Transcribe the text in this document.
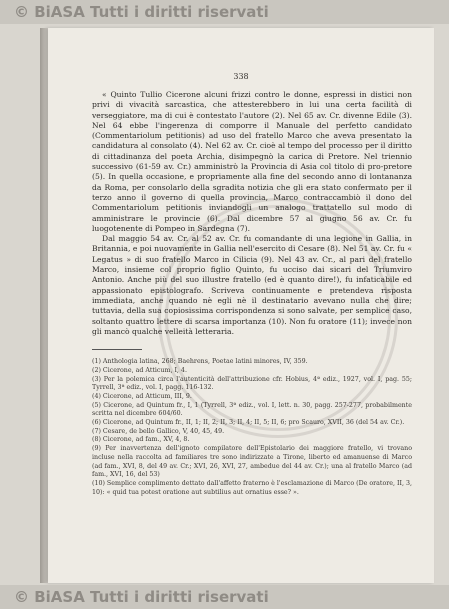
© BiASA Tutti i diritti riservati
338

« Quinto Tullio Cicerone alcuni frizzi contro le donne, espressi in distici non privi di vivacità sarcastica, che attesterebbero in lui una certa facilità di verseggiatore, ma di cui è contestato l'autore (2). Nel 65 av. Cr. divenne Edile (3). Nel 64 ebbe l'ingerenza di comporre il Manuale del perfetto candidato (Commentariolum petitionis) ad uso del fratello Marco che aveva presentato la candidatura al consolato (4). Nel 62 av. Cr. cioè al tempo del processo per il diritto di cittadinanza del poeta Archia, disimpegnò la carica di Pretore. Nel triennio successivo (61-59 av. Cr.) amministrò la Provincia di Asia col titolo di pro-pretore (5). In quella occasione, e propriamente alla fine del secondo anno di lontananza da Roma, per consolarlo della sgradita notizia che gli era stato confermato per il terzo anno il governo di quella provincia, Marco contraccambiò il dono del Commentariolum petitionis inviandogli un analogo trattatello sul modo di amministrare le provincie (6). Dal dicembre 57 al giugno 56 av. Cr. fu luogotenente di Pompeo in Sardegna (7).

Dal maggio 54 av. Cr. al 52 av. Cr. fu comandante di una legione in Gallia, in Britannia, e poi nuovamente in Gallia nell'esercito di Cesare (8). Nel 51 av. Cr. fu « Legatus » di suo fratello Marco in Cilicia (9). Nel 43 av. Cr., al pari del fratello Marco, insieme col proprio figlio Quinto, fu ucciso dai sicari del Triumviro Antonio. Anche più del suo illustre fratello (ed è quanto dire!), fu infaticabile ed appassionato epistolografo. Scriveva continuamente e pretendeva risposta immediata, anche quando nè egli nè il destinatario avevano nulla che dire; tuttavia, della sua copiosissima corrispondenza si sono salvate, per semplice caso, soltanto quattro lettere di scarsa importanza (10). Non fu oratore (11); invece non gli mancò qualche velleità letteraria.

(1) Anthologia latina, 268; Baehrens, Poetae latini minores, IV, 359.
(2) Cicerone, ad Atticum, I, 4.
(3) Per la polemica circa l'autenticità dell'attribuzione cfr. Hobius, 4ª ediz., 1927, vol. I, pag. 55; Tyrrell, 3ª ediz., vol. I, pagg. 116-132.
(4) Cicerone, ad Atticum, III, 9.
(5) Cicerone, ad Quintum fr., I, 1 (Tyrrell, 3ª ediz., vol. I, lett. n. 30, pagg. 257-277, probabilmente scritta nel dicembre 604/60.
(6) Cicerone, ad Quintum fr., II, 1; II, 2; II, 3; II, 4; II, 5; II, 6; pro Scauro, XVII, 36 (del 54 av. Cr.).
(7) Cesare, de bello Gallico, V, 40, 45, 49.
(8) Cicerone, ad fam., XV, 4, 8.
(9) Per inavvertenza dell'ignoto compilatore dell'Epistolario dei maggiore fratello, vi trovano incluse nella raccolta ad familiares tre sono indirizzate a Tirone, liberto ed amanuense di Marco (ad fam., XVI, 8, del 49 av. Cr.; XVI, 26, XVI, 27, ambedue del 44 av. Cr.); una al fratello Marco (ad fam., XVI, 16, del 53)
(10) Semplice complimento dettato dall'affetto fraterno è l'esclamazione di Marco (De oratore, II, 3, 10): « quid tua potest oratione aut subtilius aut ornatius esse? ».
© BiASA Tutti i diritti riservati
